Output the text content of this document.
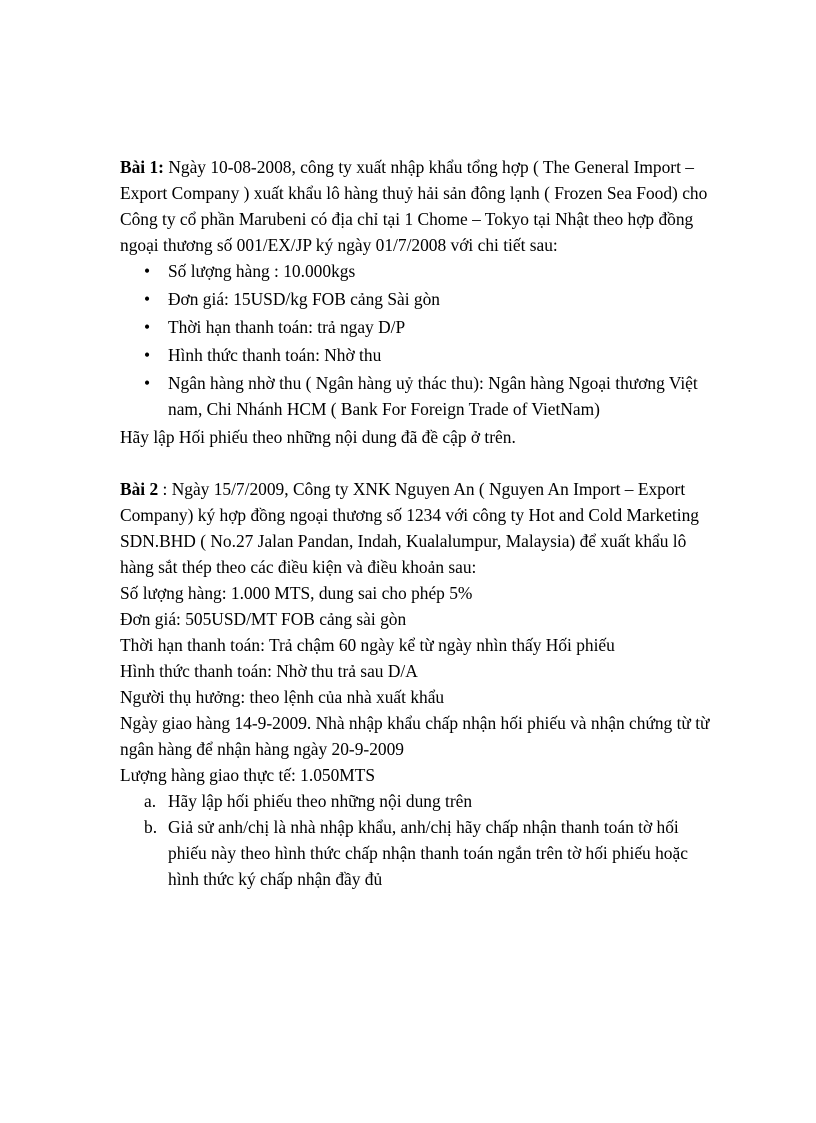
Bài 1: Ngày 10-08-2008, công ty xuất nhập khẩu tổng hợp ( The General Import – Export Company ) xuất khẩu lô hàng thuỷ hải sản đông lạnh ( Frozen Sea Food) cho Công ty cổ phần Marubeni có địa chỉ tại 1 Chome – Tokyo tại Nhật theo hợp đồng ngoại thương số 001/EX/JP ký ngày 01/7/2008 với chi tiết sau:

•	Số lượng hàng : 10.000kgs
•	Đơn giá: 15USD/kg FOB cảng Sài gòn
•	Thời hạn thanh toán: trả ngay D/P
•	Hình thức thanh toán: Nhờ thu
•	Ngân hàng nhờ thu ( Ngân hàng uỷ thác thu): Ngân hàng Ngoại thương Việt nam, Chi Nhánh HCM ( Bank For Foreign Trade of VietNam)

Hãy lập Hối phiếu theo những nội dung đã đề cập ở trên.

Bài 2 : Ngày 15/7/2009, Công ty XNK Nguyen An ( Nguyen An Import – Export Company) ký hợp đồng ngoại thương số 1234 với công ty Hot and Cold Marketing SDN.BHD ( No.27 Jalan Pandan, Indah, Kualalumpur, Malaysia) để xuất khẩu lô hàng sắt thép theo các điều kiện và điều khoản sau:

Số lượng hàng: 1.000 MTS, dung sai cho phép 5%

Đơn giá: 505USD/MT FOB cảng sài gòn

Thời hạn thanh toán: Trả chậm 60 ngày kể từ ngày nhìn thấy Hối phiếu

Hình thức thanh toán: Nhờ thu trả sau D/A

Người thụ hưởng: theo lệnh của nhà xuất khẩu

Ngày giao hàng 14-9-2009. Nhà nhập khẩu chấp nhận hối phiếu và nhận chứng từ từ ngân hàng để nhận hàng ngày 20-9-2009

Lượng hàng giao thực tế: 1.050MTS

a. Hãy lập hối phiếu theo những nội dung trên
b. Giả sử anh/chị là nhà nhập khẩu, anh/chị hãy chấp nhận thanh toán tờ hối phiếu này theo hình thức chấp nhận thanh toán ngắn trên tờ hối phiếu hoặc hình thức ký chấp nhận đầy đủ
